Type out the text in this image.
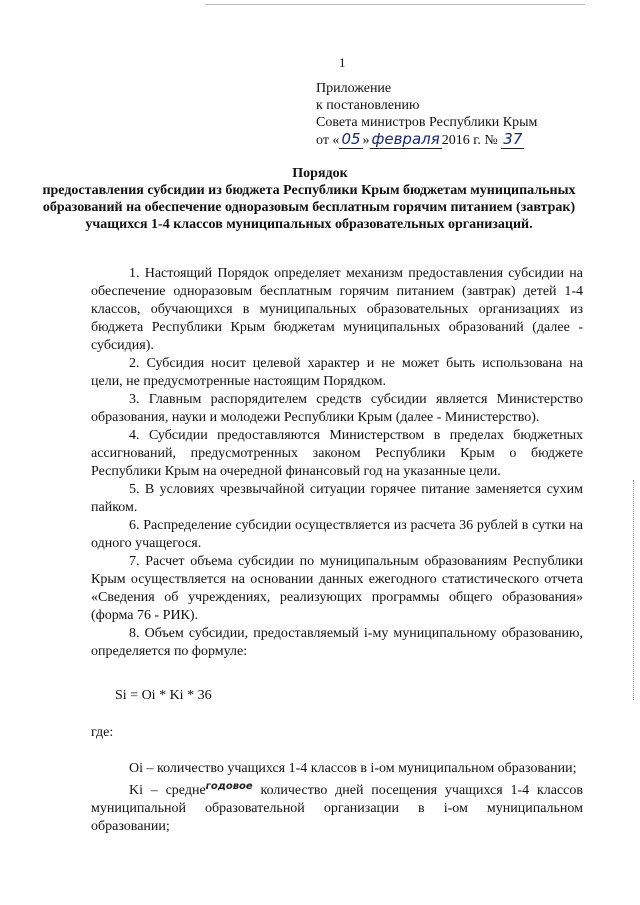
1
Приложение
к постановлению
Совета министров Республики Крым
от « 05 » февраля 2016 г. № 37
Порядок
предоставления субсидии из бюджета Республики Крым бюджетам муниципальных образований на обеспечение одноразовым бесплатным горячим питанием (завтрак) учащихся 1-4 классов муниципальных образовательных организаций.

1. Настоящий Порядок определяет механизм предоставления субсидии на обеспечение одноразовым бесплатным горячим питанием (завтрак) детей 1-4 классов, обучающихся в муниципальных образовательных организациях из бюджета Республики Крым бюджетам муниципальных образований (далее - субсидия).

2. Субсидия носит целевой характер и не может быть использована на цели, не предусмотренные настоящим Порядком.

3. Главным распорядителем средств субсидии является Министерство образования, науки и молодежи Республики Крым (далее - Министерство).

4. Субсидии предоставляются Министерством в пределах бюджетных ассигнований, предусмотренных законом Республики Крым о бюджете Республики Крым на очередной финансовый год на указанные цели.

5. В условиях чрезвычайной ситуации горячее питание заменяется сухим пайком.

6. Распределение субсидии осуществляется из расчета 36 рублей в сутки на одного учащегося.

7. Расчет объема субсидии по муниципальным образованиям Республики Крым осуществляется на основании данных ежегодного статистического отчета «Сведения об учреждениях, реализующих программы общего образования» (форма 76 - РИК).

8. Объем субсидии, предоставляемый i-му муниципальному образованию, определяется по формуле:

Si = Oi * Ki * 36
где:

Oi – количество учащихся 1-4 классов в i-ом муниципальном образовании;

Ki – средне$^{годовое}$ количество дней посещения учащихся 1-4 классов муниципальной образовательной организации в i-ом муниципальном образовании;
